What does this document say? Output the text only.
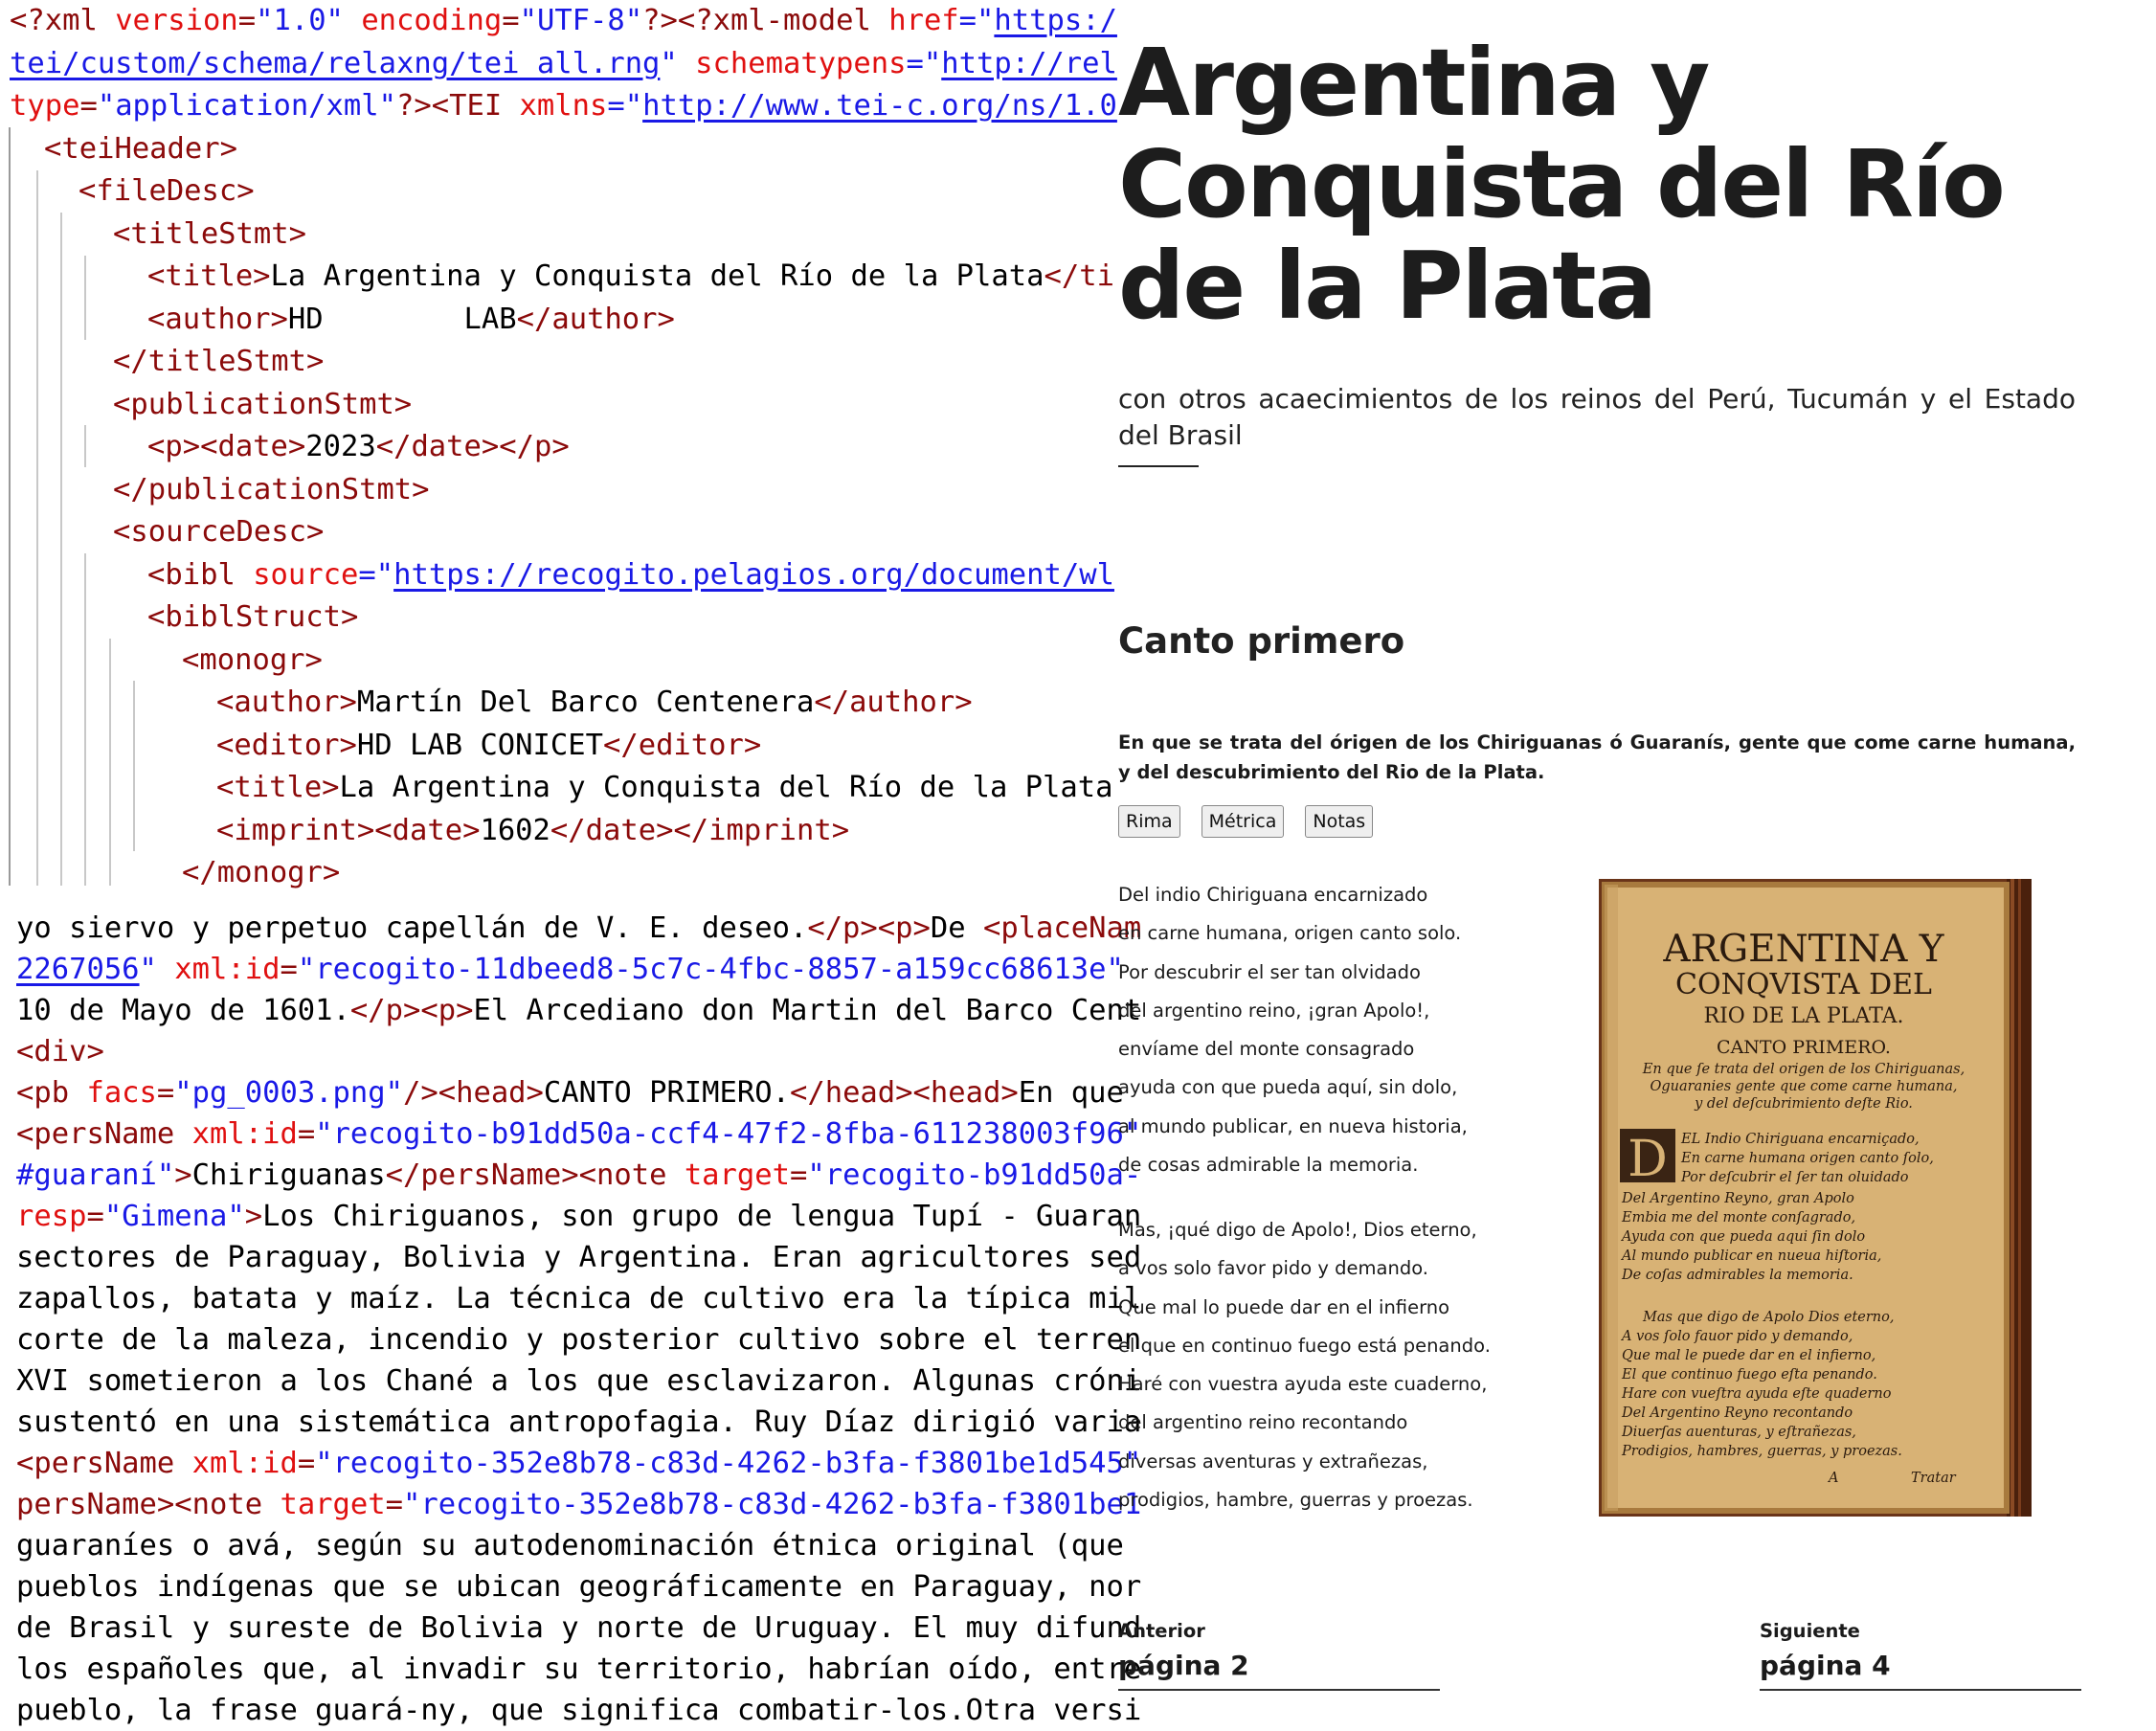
<?xml version="1.0" encoding="UTF-8"?><?xml-model href="https:/
tei/custom/schema/relaxng/tei_all.rng" schematypens="http://rel
type="application/xml"?><TEI xmlns="http://www.tei-c.org/ns/1.0
<teiHeader>
<fileDesc>
<titleStmt>
<title>La Argentina y Conquista del Río de la Plata</ti
<author>HD        LAB</author>
</titleStmt>
<publicationStmt>
<p><date>2023</date></p>
</publicationStmt>
<sourceDesc>
<bibl source="https://recogito.pelagios.org/document/wl
<biblStruct>
<monogr>
<author>Martín Del Barco Centenera</author>
<editor>HD LAB CONICET</editor>
<title>La Argentina y Conquista del Río de la Plata
<imprint><date>1602</date></imprint>
</monogr>
yo siervo y perpetuo capellán de V. E. deseo.</p><p>De <placeNam
2267056" xml:id="recogito-11dbeed8-5c7c-4fbc-8857-a159cc68613e"
10 de Mayo de 1601.</p><p>El Arcediano don Martin del Barco Cent
<div>
<pb facs="pg_0003.png"/><head>CANTO PRIMERO.</head><head>En que
<persName xml:id="recogito-b91dd50a-ccf4-47f2-8fba-611238003f96"
#guaraní">Chiriguanas</persName><note target="recogito-b91dd50a-
resp="Gimena">Los Chiriguanos, son grupo de lengua Tupí - Guaran
sectores de Paraguay, Bolivia y Argentina. Eran agricultores sed
zapallos, batata y maíz. La técnica de cultivo era la típica mil
corte de la maleza, incendio y posterior cultivo sobre el terren
XVI sometieron a los Chané a los que esclavizaron. Algunas cróni
sustentó en una sistemática antropofagia. Ruy Díaz dirigió varia
<persName xml:id="recogito-352e8b78-c83d-4262-b3fa-f3801be1d545"
persName><note target="recogito-352e8b78-c83d-4262-b3fa-f3801be1
guaraníes o avá, según su autodenominación étnica original (que
pueblos indígenas que se ubican geográficamente en Paraguay, nor
de Brasil y sureste de Bolivia y norte de Uruguay. El muy difund
los españoles que, al invadir su territorio, habrían oído, entre
pueblo, la frase guará-ny, que significa combatir-los.Otra versi
Argentina y
Conquista del Río
de la Plata
con otros acaecimientos de los reinos del Perú, Tucumán y el Estado del Brasil
Canto primero
En que se trata del órigen de los Chiriguanas ó Guaranís, gente que come carne humana, y del descubrimiento del Rio de la Plata.
Rima	Métrica	Notas
Del indio Chiriguana encarnizado
en carne humana, origen canto solo.
Por descubrir el ser tan olvidado
del argentino reino, ¡gran Apolo!,
envíame del monte consagrado
ayuda con que pueda aquí, sin dolo,
al mundo publicar, en nueva historia,
de cosas admirable la memoria.
Mas, ¡qué digo de Apolo!, Dios eterno,
a vos solo favor pido y demando.
Que mal lo puede dar en el infierno
el que en continuo fuego está penando.
Haré con vuestra ayuda este cuaderno,
del argentino reino recontando
diversas aventuras y extrañezas,
prodigios, hambre, guerras y proezas.
ARGENTINA Y
CONQVISTA DEL
RIO DE LA PLATA.
CANTO PRIMERO.
En que ſe trata del origen de los Chiriguanas,
Oguaranies gente que come carne humana,
y del deſcubrimiento deſte Rio.
D EL Indio Chiriguana encarniçado,
En carne humana origen canto ſolo,
Por deſcubrir el ſer tan oluidado
Del Argentino Reyno, gran Apolo
Embia me del monte conſagrado,
Ayuda con que pueda aqui ſin dolo
Al mundo publicar en nueua hiſtoria,
De coſas admirables la memoria.
Mas que digo de Apolo Dios eterno,
A vos ſolo fauor pido y demando,
Que mal le puede dar en el infierno,
El que continuo fuego eſta penando.
Hare con vueſtra ayuda eſte quaderno
Del Argentino Reyno recontando
Diuerſas auenturas, y eſtrañezas,
Prodigios, hambres, guerras, y proezas.
A	Tratar
Anterior
página 2
Siguiente
página 4
